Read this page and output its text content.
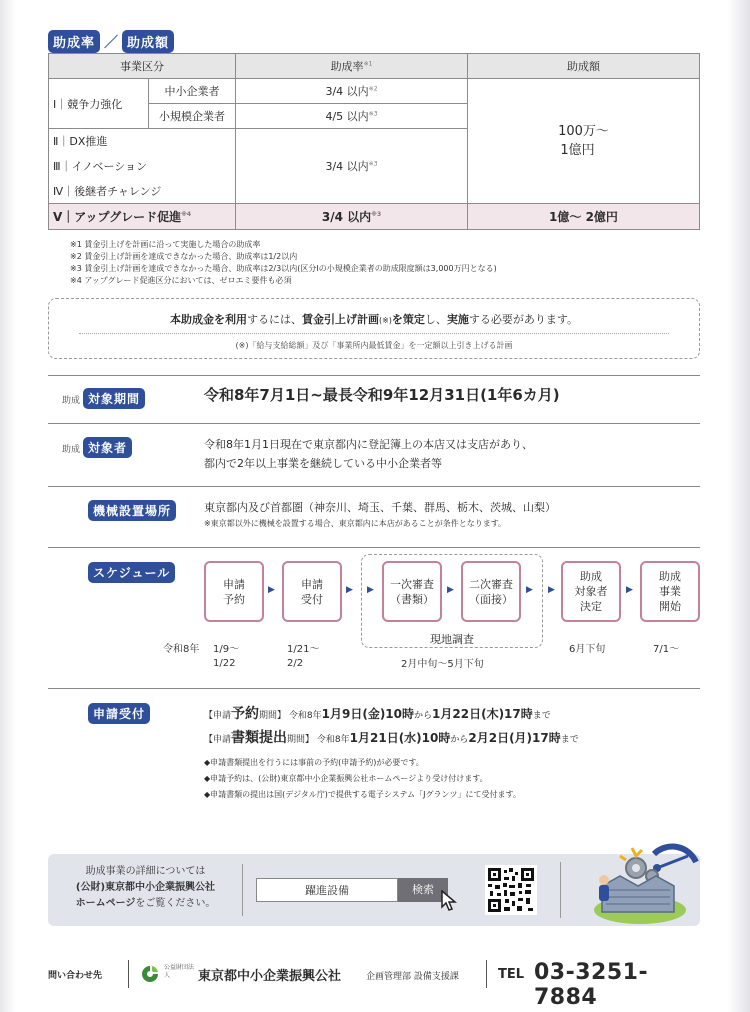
助成率 ／ 助成額
事業区分		助成率$^{※1}$	助成額
Ⅰ｜競争力強化	中小企業者	3/4 以内$^{※2}$	100万～
1億円

	小規模企業者	4/5 以内$^{※3}$
Ⅱ｜DX推進		3/4 以内$^{※3}$
Ⅲ｜イノベーション			
Ⅳ｜後継者チャレンジ			
Ⅴ｜アップグレード促進$^{※4}$		3/4 以内$^{※3}$	1億～ 2億円
※1 賃金引上げを計画に沿って実施した場合の助成率
※2 賃金引上げ計画を達成できなかった場合、助成率は1/2以内
※3 賃金引上げ計画を達成できなかった場合、助成率は2/3以内(区分Ⅰの小規模企業者の助成限度額は3,000万円となる)
※4 アップグレード促進区分においては、ゼロエミ要件も必須
本助成金を利用するには、賃金引上げ計画(※)を策定し、実施する必要があります。
(※)「給与支給総額」及び「事業所内最低賃金」を一定額以上引き上げる計画
助成 対象期間	令和8年7月1日~最長令和9年12月31日(1年6カ月)
助成 対象者	令和8年1月1日現在で東京都内に登記簿上の本店又は支店があり、
都内で2年以上事業を継続している中小企業者等
機械設置場所	東京都内及び首都圏（神奈川、埼玉、千葉、群馬、栃木、茨城、山梨）
※東京都以外に機械を設置する場合、東京都内に本店があることが条件となります。
スケジュール
現地調査
申請
予約
▶ 申請
受付
▶ ▶ 一次審査
（書類）
▶ 二次審査
（面接）
▶ ▶
助成
対象者
決定
▶
助成
事業
開始
令和8年 1/9～
1/22
1/21～
2/2	2月中旬～5月下旬
6月下旬	7/1～
申請受付	【申請予約期間】 令和8年1月9日(金)10時から1月22日(木)17時まで
【申請書類提出期間】 令和8年1月21日(水)10時から2月2日(月)17時まで
◆申請書類提出を行うには事前の予約(申請予約)が必要です。
◆申請予約は、(公財)東京都中小企業振興公社ホームページより受け付けます。
◆申請書類の提出は国(デジタル庁)で提供する電子システム「Jグランツ」にて受付ます。
助成事業の詳細については
(公財)東京都中小企業振興公社
ホームページをご覧ください。
躍進設備
検索
問い合わせ先
公益財団法人	東京都中小企業振興公社	企画管理部 設備支援課	TEL 03-3251-7884
